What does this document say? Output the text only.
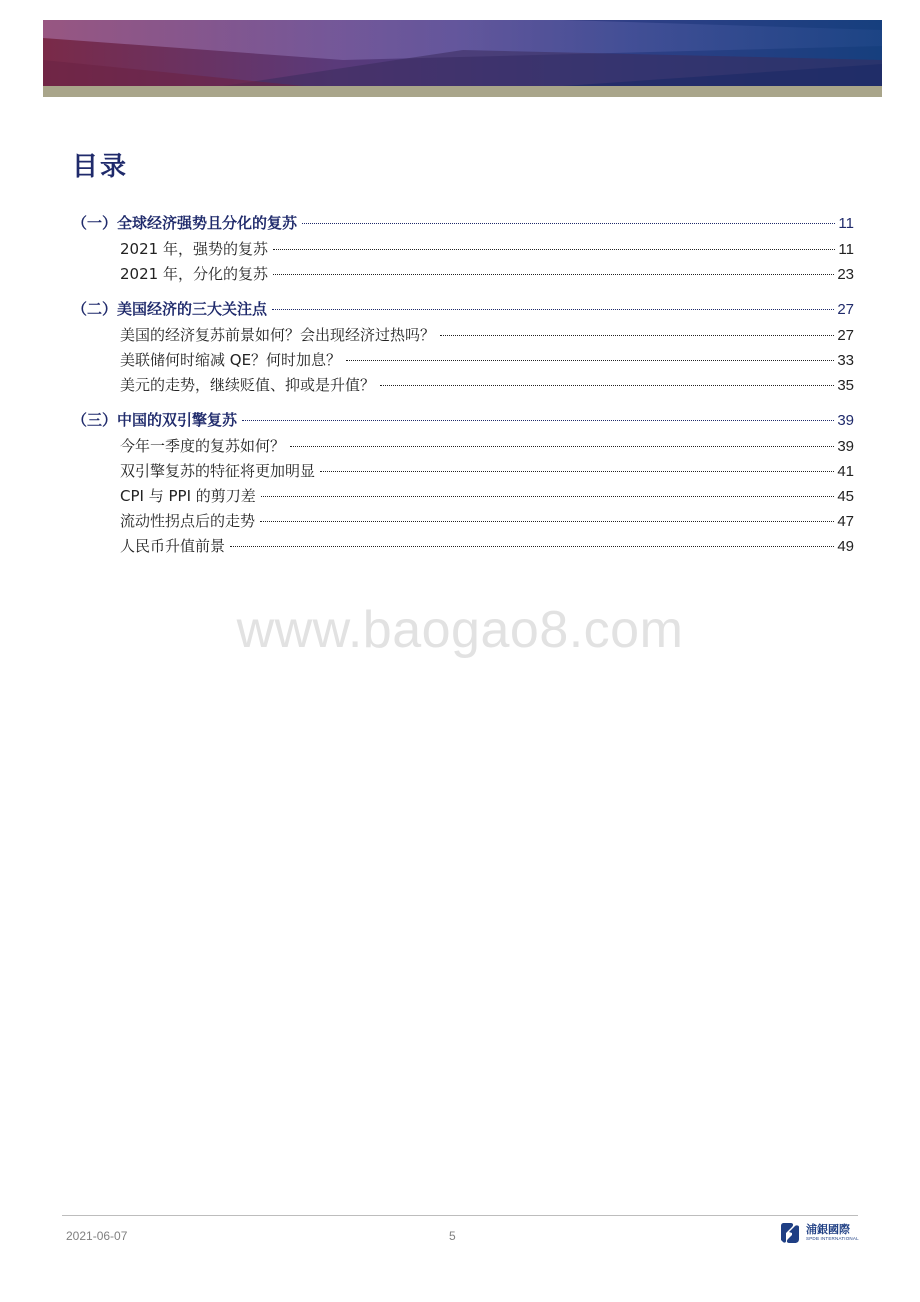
目录
（一）全球经济强势且分化的复苏	11
2021 年，强势的复苏	11
2021 年，分化的复苏	23
（二）美国经济的三大关注点	27
美国的经济复苏前景如何？会出现经济过热吗？	27
美联储何时缩减 QE？何时加息？	33
美元的走势，继续贬值、抑或是升值？	35
（三）中国的双引擎复苏	39
今年一季度的复苏如何？	39
双引擎复苏的特征将更加明显	41
CPI 与 PPI 的剪刀差	45
流动性拐点后的走势	47
人民币升值前景	49
www.baogao8.com
2021-06-07	5	浦銀國際
SPDB INTERNATIONAL
